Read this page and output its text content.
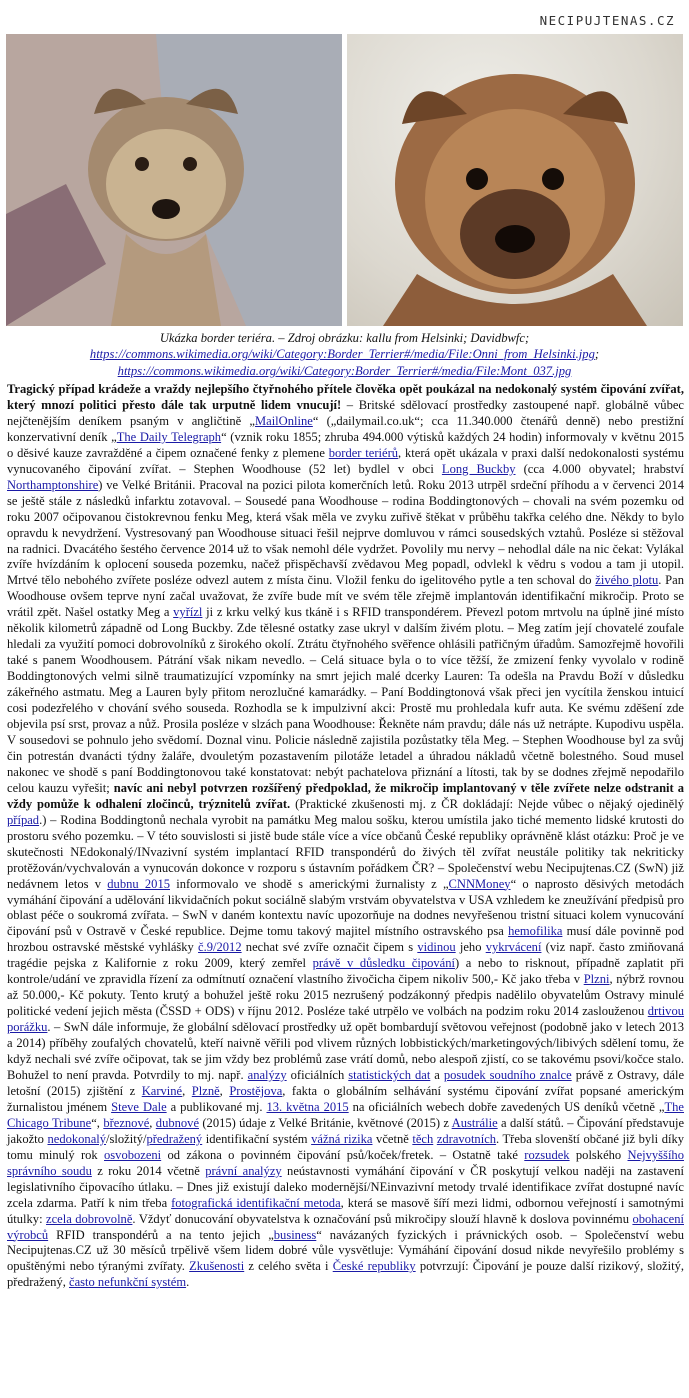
NECIPUJTENAS.CZ
Ukázka border teriéra. – Zdroj obrázku: kallu from Helsinki; Davidbwfc;
https://commons.wikimedia.org/wiki/Category:Border_Terrier#/media/File:Onni_from_Helsinki.jpg;
https://commons.wikimedia.org/wiki/Category:Border_Terrier#/media/File:Mont_037.jpg

Tragický případ krádeže a vraždy nejlepšího čtyřnohého přítele člověka opět poukázal na nedokonalý systém čipování zvířat, který mnozí politici přesto dále tak urputně lidem vnucují! – Britské sdělovací prostředky zastoupené např. globálně vůbec nejčtenějším deníkem psaným v angličtině „MailOnline“ („dailymail.co.uk“; cca 11.340.000 čtenářů denně) nebo prestižní konzervativní deník „The Daily Telegraph“ (vznik roku 1855; zhruba 494.000 výtisků každých 24 hodin) informovaly v květnu 2015 o děsivé kauze zavražděné a čipem označené fenky z plemene border teriérů, která opět ukázala v praxi další nedokonalosti systému vynucovaného čipování zvířat. – Stephen Woodhouse (52 let) bydlel v obci Long Buckby (cca 4.000 obyvatel; hrabství Northamptonshire) ve Velké Británii. Pracoval na pozici pilota komerčních letů. Roku 2013 utrpěl srdeční příhodu a v červenci 2014 se ještě stále z následků infarktu zotavoval. – Sousedé pana Woodhouse – rodina Boddingtonových – chovali na svém pozemku od roku 2007 očipovanou čistokrevnou fenku Meg, která však měla ve zvyku zuřivě štěkat v průběhu takřka celého dne. Někdy to bylo opravdu k nevydržení. Vystresovaný pan Woodhouse situaci řešil nejprve domluvou v rámci sousedských vztahů. Posléze si stěžoval na radnici. Dvacátého šestého července 2014 už to však nemohl déle vydržet. Povolily mu nervy – nehodlal dále na nic čekat: Vylákal zvíře hvízdáním k oplocení souseda pozemku, načež přispěchavší zvědavou Meg popadl, odvlekl k vědru s vodou a tam ji utopil. Mrtvé tělo nebohého zvířete posléze odvezl autem z místa činu. Vložil fenku do igelitového pytle a ten schoval do živého plotu. Pan Woodhouse ovšem teprve nyní začal uvažovat, že zvíře bude mít ve svém těle zřejmě implantován identifikační mikročip. Proto se vrátil zpět. Našel ostatky Meg a vyřízl ji z krku velký kus tkáně i s RFID transpondérem. Převezl potom mrtvolu na úplně jiné místo několik kilometrů západně od Long Buckby. Zde tělesné ostatky zase ukryl v dalším živém plotu. – Meg zatím její chovatelé zoufale hledali za využití pomoci dobrovolníků z širokého okolí. Ztrátu čtyřnohého svěřence ohlásili patřičným úřadům. Samozřejmě hovořili také s panem Woodhousem. Pátrání však nikam nevedlo. – Celá situace byla o to více těžší, že zmizení fenky vyvolalo v rodině Boddingtonových velmi silně traumatizující vzpomínky na smrt jejich malé dcerky Lauren: Ta odešla na Pravdu Boží v důsledku zákeřného astmatu. Meg a Lauren byly přitom nerozlučné kamarádky. – Paní Boddingtonová však přeci jen vycítila ženskou intuicí cosi podezřelého v chování svého souseda. Rozhodla se k impulzivní akci: Prostě mu prohledala kufr auta. Ke svému zděšení zde objevila psí srst, provaz a nůž. Prosila posléze v slzách pana Woodhouse: Řekněte nám pravdu; dále nás už netrápte. Kupodivu uspěla. V sousedovi se pohnulo jeho svědomí. Doznal vinu. Policie následně zajistila pozůstatky těla Meg. – Stephen Woodhouse byl za svůj čin potrestán dvanácti týdny žaláře, dvouletým pozastavením pilotáže letadel a úhradou nákladů včetně bolestného. Soud musel nakonec ve shodě s paní Boddingtonovou také konstatovat: nebýt pachatelova přiznání a lítosti, tak by se dodnes zřejmě nepodařilo celou kauzu vyřešit; navíc ani nebyl potvrzen rozšířený předpoklad, že mikročip implantovaný v těle zvířete nelze odstranit a vždy pomůže k odhalení zločinců, trýznitelů zvířat. (Praktické zkušenosti mj. z ČR dokládají: Nejde vůbec o nějaký ojedinělý případ.) – Rodina Boddingtonů nechala vyrobit na památku Meg malou sošku, kterou umístila jako tiché memento lidské krutosti do prostoru svého pozemku. – V této souvislosti si jistě bude stále více a více občanů České republiky oprávněně klást otázku: Proč je ve skutečnosti NEdokonalý/INvazivní systém implantací RFID transpondérů do živých těl zvířat neustále politiky tak nekriticky protěžován/vychvalován a vynucován dokonce v rozporu s ústavním pořádkem ČR? – Společenství webu Necipujtenas.CZ (SwN) již nedávnem letos v dubnu 2015 informovalo ve shodě s americkými žurnalisty z „CNNMoney“ o naprosto děsivých metodách vymáhání čipování a udělování likvidačních pokut sociálně slabým vrstvám obyvatelstva v USA vzhledem ke zneužívání předpisů pro oblast péče o soukromá zvířata. – SwN v daném kontextu navíc upozorňuje na dodnes nevyřešenou tristní situaci kolem vynucování čipování psů v Ostravě v České republice. Dejme tomu takový majitel místního ostravského psa hemofilika musí dále povinně pod hrozbou ostravské městské vyhlášky č.9/2012 nechat své zvíře označit čipem s vidinou jeho vykrvácení (viz např. často zmiňovaná tragédie pejska z Kalifornie z roku 2009, který zemřel právě v důsledku čipování) a nebo to risknout, případně zaplatit při kontrole/udání ve zpravidla řízení za odmítnutí označení vlastního živočicha čipem nikoliv 500,- Kč jako třeba v Plzni, nýbrž rovnou až 50.000,- Kč pokuty. Tento krutý a bohužel ještě roku 2015 nezrušený podzákonný předpis nadělilo obyvatelům Ostravy minulé politické vedení jejich města (ČSSD + ODS) v říjnu 2012. Posléze také utrpělo ve volbách na podzim roku 2014 zaslouženou drtivou porážku. – SwN dále informuje, že globální sdělovací prostředky už opět bombardují světovou veřejnost (podobně jako v letech 2013 a 2014) příběhy zoufalých chovatelů, kteří naivně věřili pod vlivem různých lobbistických/marketingových/libivých sdělení tomu, že když nechali své zvíře očipovat, tak se jim vždy bez problémů zase vrátí domů, nebo alespoň zjistí, co se takovému psovi/kočce stalo. Bohužel to není pravda. Potvrdily to mj. např. analýzy oficiálních statistických dat a posudek soudního znalce právě z Ostravy, dále letošní (2015) zjištění z Karviné, Plzně, Prostějova, fakta o globálním selhávání systému čipování zvířat popsané americkým žurnalistou jménem Steve Dale a publikované mj. 13. května 2015 na oficiálních webech dobře zavedených US deníků včetně „The Chicago Tribune“, březnové, dubnové (2015) údaje z Velké Británie, květnové (2015) z Austrálie a další států. – Čipování představuje jakožto nedokonalý/složitý/předražený identifikační systém vážná rizika včetně těch zdravotních. Třeba slovenští občané již byli díky tomu minulý rok osvobozeni od zákona o povinném čipování psů/koček/fretek. – Ostatně také rozsudek polského Nejvyššího správního soudu z roku 2014 včetně právní analýzy neústavnosti vymáhání čipování v ČR poskytují velkou naději na zastavení legislativního čipovacího útlaku. – Dnes již existují daleko modernější/NEinvazivní metody trvalé identifikace zvířat dostupné navíc zcela zdarma. Patří k nim třeba fotografická identifikační metoda, která se masově šíří mezi lidmi, odbornou veřejností i samotnými útulky: zcela dobrovolně. Vždyť donucování obyvatelstva k označování psů mikročipy slouží hlavně k doslova povinnému obohacení výrobců RFID transpondérů a na tento jejich „business“ navázaných fyzických i právnických osob. – Společenství webu Necipujtenas.CZ už 30 měsíců trpělivě všem lidem dobré vůle vysvětluje: Vymáhání čipování dosud nikde nevyřešilo problémy s opuštěnými nebo týranými zvířaty. Zkušenosti z celého světa i České republiky potvrzují: Čipování je pouze další rizikový, složitý, předražený, často nefunkční systém.
